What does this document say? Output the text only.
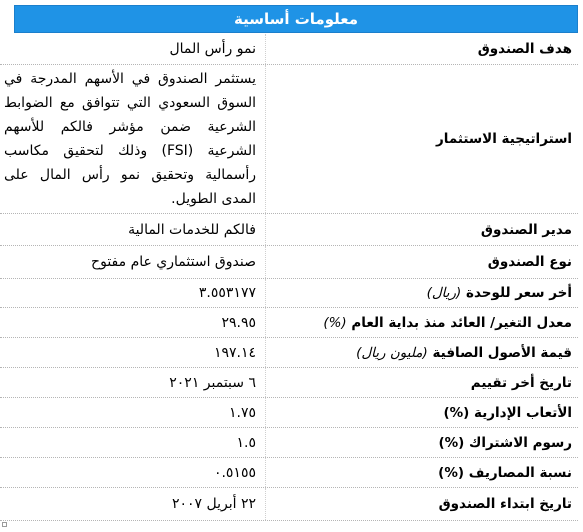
معلومات أساسية
هدف الصندوق
نمو رأس المال
استراتيجية الاستثمار
يستثمر الصندوق في الأسهم المدرجة في السوق السعودي التي تتوافق مع الضوابط الشرعية ضمن مؤشر فالكم للأسهم الشرعية (FSI) وذلك لتحقيق مكاسب رأسمالية وتحقيق نمو رأس المال على المدى الطويل.
مدير الصندوق
فالكم للخدمات المالية
نوع الصندوق
صندوق استثماري عام مفتوح
أخر سعر للوحدة (ريال)
٣.٥٥٣١٧٧
معدل التغير/ العائد منذ بداية العام (%)
٢٩.٩٥
قيمة الأصول الصافية (مليون ريال)
١٩٧.١٤
تاريخ أخر تقييم
٦ سبتمبر ٢٠٢١
الأتعاب الإدارية (%)
١.٧٥
رسوم الاشتراك (%)
١.٥
نسبة المصاريف (%)
٠.٥١٥٥
تاريخ ابتداء الصندوق
٢٢ أبريل ٢٠٠٧
